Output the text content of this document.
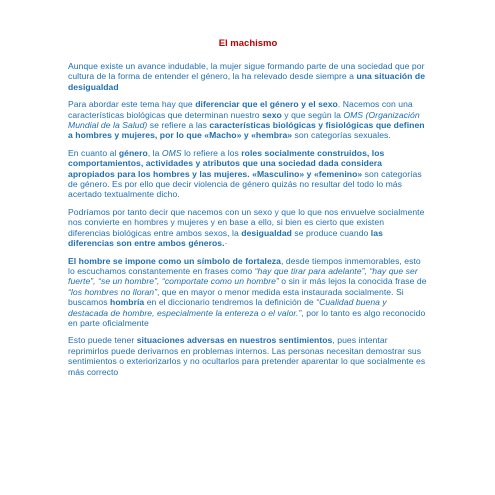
El machismo

Aunque existe un avance indudable, la mujer sigue formando parte de una sociedad que por cultura de la forma de entender el género, la ha relevado desde siempre a una situación de desigualdad

Para abordar este tema hay que diferenciar que el género y el sexo. Nacemos con una características biológicas que determinan nuestro sexo y que según la OMS (Organización Mundial de la Salud) se refiere a las características biológicas y fisiológicas que definen a hombres y mujeres, por lo que «Macho» y «hembra» son categorías sexuales.

En cuanto al género, la OMS lo refiere a los roles socialmente construidos, los comportamientos, actividades y atributos que una sociedad dada considera apropiados para los hombres y las mujeres. «Masculino» y «femenino» son categorías de género. Es por ello que decir violencia de género quizás no resultar del todo lo más acertado textualmente dicho.

Podríamos por tanto decir que nacemos con un sexo y que lo que nos envuelve socialmente nos convierte en hombres y mujeres y en base a ello, si bien es cierto que existen diferencias biológicas entre ambos sexos, la desigualdad se produce cuando las diferencias son entre ambos géneros.·

El hombre se impone como un símbolo de fortaleza, desde tiempos inmemorables, esto lo escuchamos constantemente en frases como “hay que tirar para adelante”, “hay que ser fuerte”, “se un hombre”, “comportate como un hombre” o sin ir más lejos la conocida frase de “los hombres no lloran”, que en mayor o menor medida esta instaurada socialmente. Si buscamos hombría en el diccionario tendremos la definición de “Cualidad buena y destacada de hombre, especialmente la entereza o el valor.”, por lo tanto es algo reconocido en parte oficialmente

Esto puede tener situaciones adversas en nuestros sentimientos, pues intentar reprimirlos puede derivarnos en problemas internos. Las personas necesitan demostrar sus sentimientos o exteriorizarlos y no ocultarlos para pretender aparentar lo que socialmente es más correcto
